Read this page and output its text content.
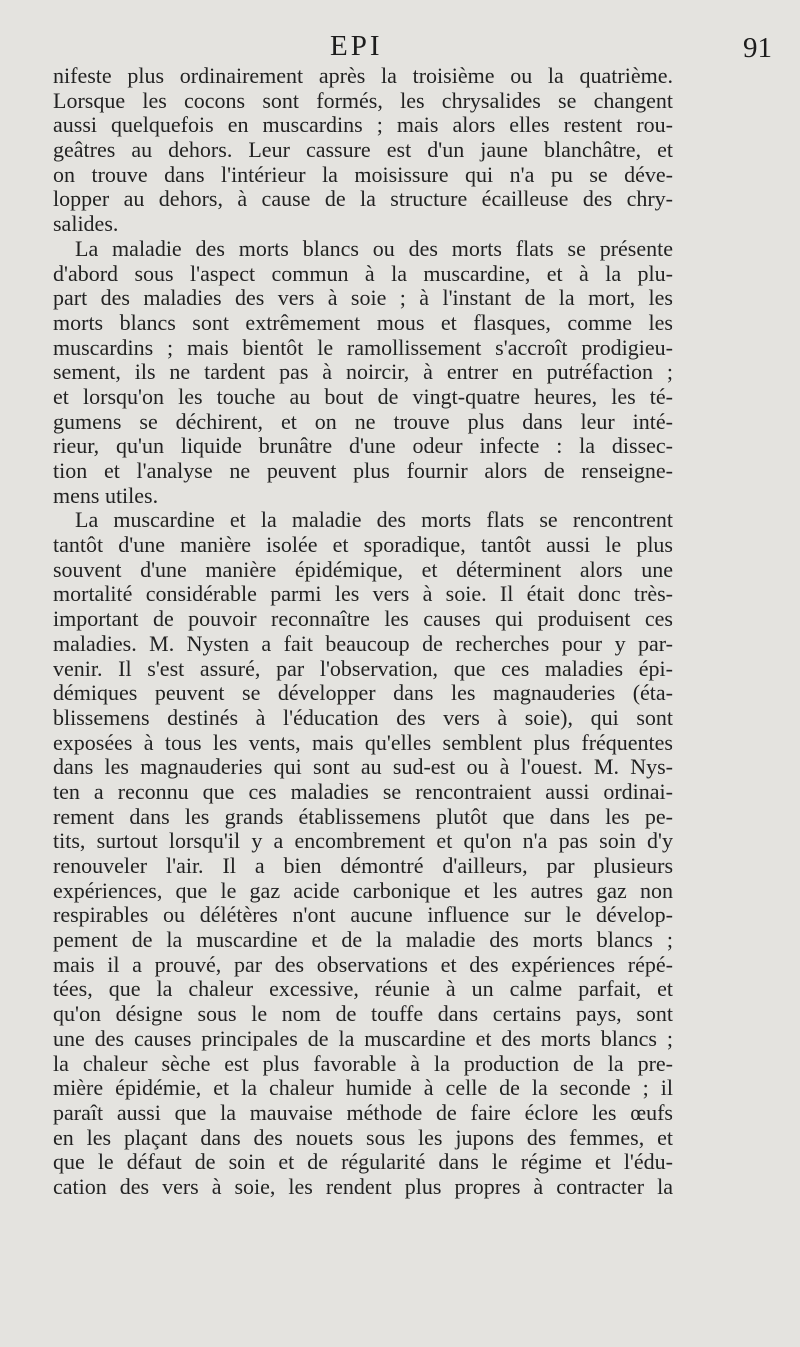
EPI	91
nifeste plus ordinairement après la troisième ou la quatrième.
Lorsque les cocons sont formés, les chrysalides se changent
aussi quelquefois en muscardins ; mais alors elles restent rou-
geâtres au dehors. Leur cassure est d'un jaune blanchâtre, et
on trouve dans l'intérieur la moisissure qui n'a pu se déve-
lopper au dehors, à cause de la structure écailleuse des chry-
salides.
La maladie des morts blancs ou des morts flats se présente
d'abord sous l'aspect commun à la muscardine, et à la plu-
part des maladies des vers à soie ; à l'instant de la mort, les
morts blancs sont extrêmement mous et flasques, comme les
muscardins ; mais bientôt le ramollissement s'accroît prodigieu-
sement, ils ne tardent pas à noircir, à entrer en putréfaction ;
et lorsqu'on les touche au bout de vingt-quatre heures, les té-
gumens se déchirent, et on ne trouve plus dans leur inté-
rieur, qu'un liquide brunâtre d'une odeur infecte : la dissec-
tion et l'analyse ne peuvent plus fournir alors de renseigne-
mens utiles.
La muscardine et la maladie des morts flats se rencontrent
tantôt d'une manière isolée et sporadique, tantôt aussi le plus
souvent d'une manière épidémique, et déterminent alors une
mortalité considérable parmi les vers à soie. Il était donc très-
important de pouvoir reconnaître les causes qui produisent ces
maladies. M. Nysten a fait beaucoup de recherches pour y par-
venir. Il s'est assuré, par l'observation, que ces maladies épi-
démiques peuvent se développer dans les magnauderies (éta-
blissemens destinés à l'éducation des vers à soie), qui sont
exposées à tous les vents, mais qu'elles semblent plus fréquentes
dans les magnauderies qui sont au sud-est ou à l'ouest. M. Nys-
ten a reconnu que ces maladies se rencontraient aussi ordinai-
rement dans les grands établissemens plutôt que dans les pe-
tits, surtout lorsqu'il y a encombrement et qu'on n'a pas soin d'y
renouveler l'air. Il a bien démontré d'ailleurs, par plusieurs
expériences, que le gaz acide carbonique et les autres gaz non
respirables ou délétères n'ont aucune influence sur le dévelop-
pement de la muscardine et de la maladie des morts blancs ;
mais il a prouvé, par des observations et des expériences répé-
tées, que la chaleur excessive, réunie à un calme parfait, et
qu'on désigne sous le nom de touffe dans certains pays, sont
une des causes principales de la muscardine et des morts blancs ;
la chaleur sèche est plus favorable à la production de la pre-
mière épidémie, et la chaleur humide à celle de la seconde ; il
paraît aussi que la mauvaise méthode de faire éclore les œufs
en les plaçant dans des nouets sous les jupons des femmes, et
que le défaut de soin et de régularité dans le régime et l'édu-
cation des vers à soie, les rendent plus propres à contracter la
